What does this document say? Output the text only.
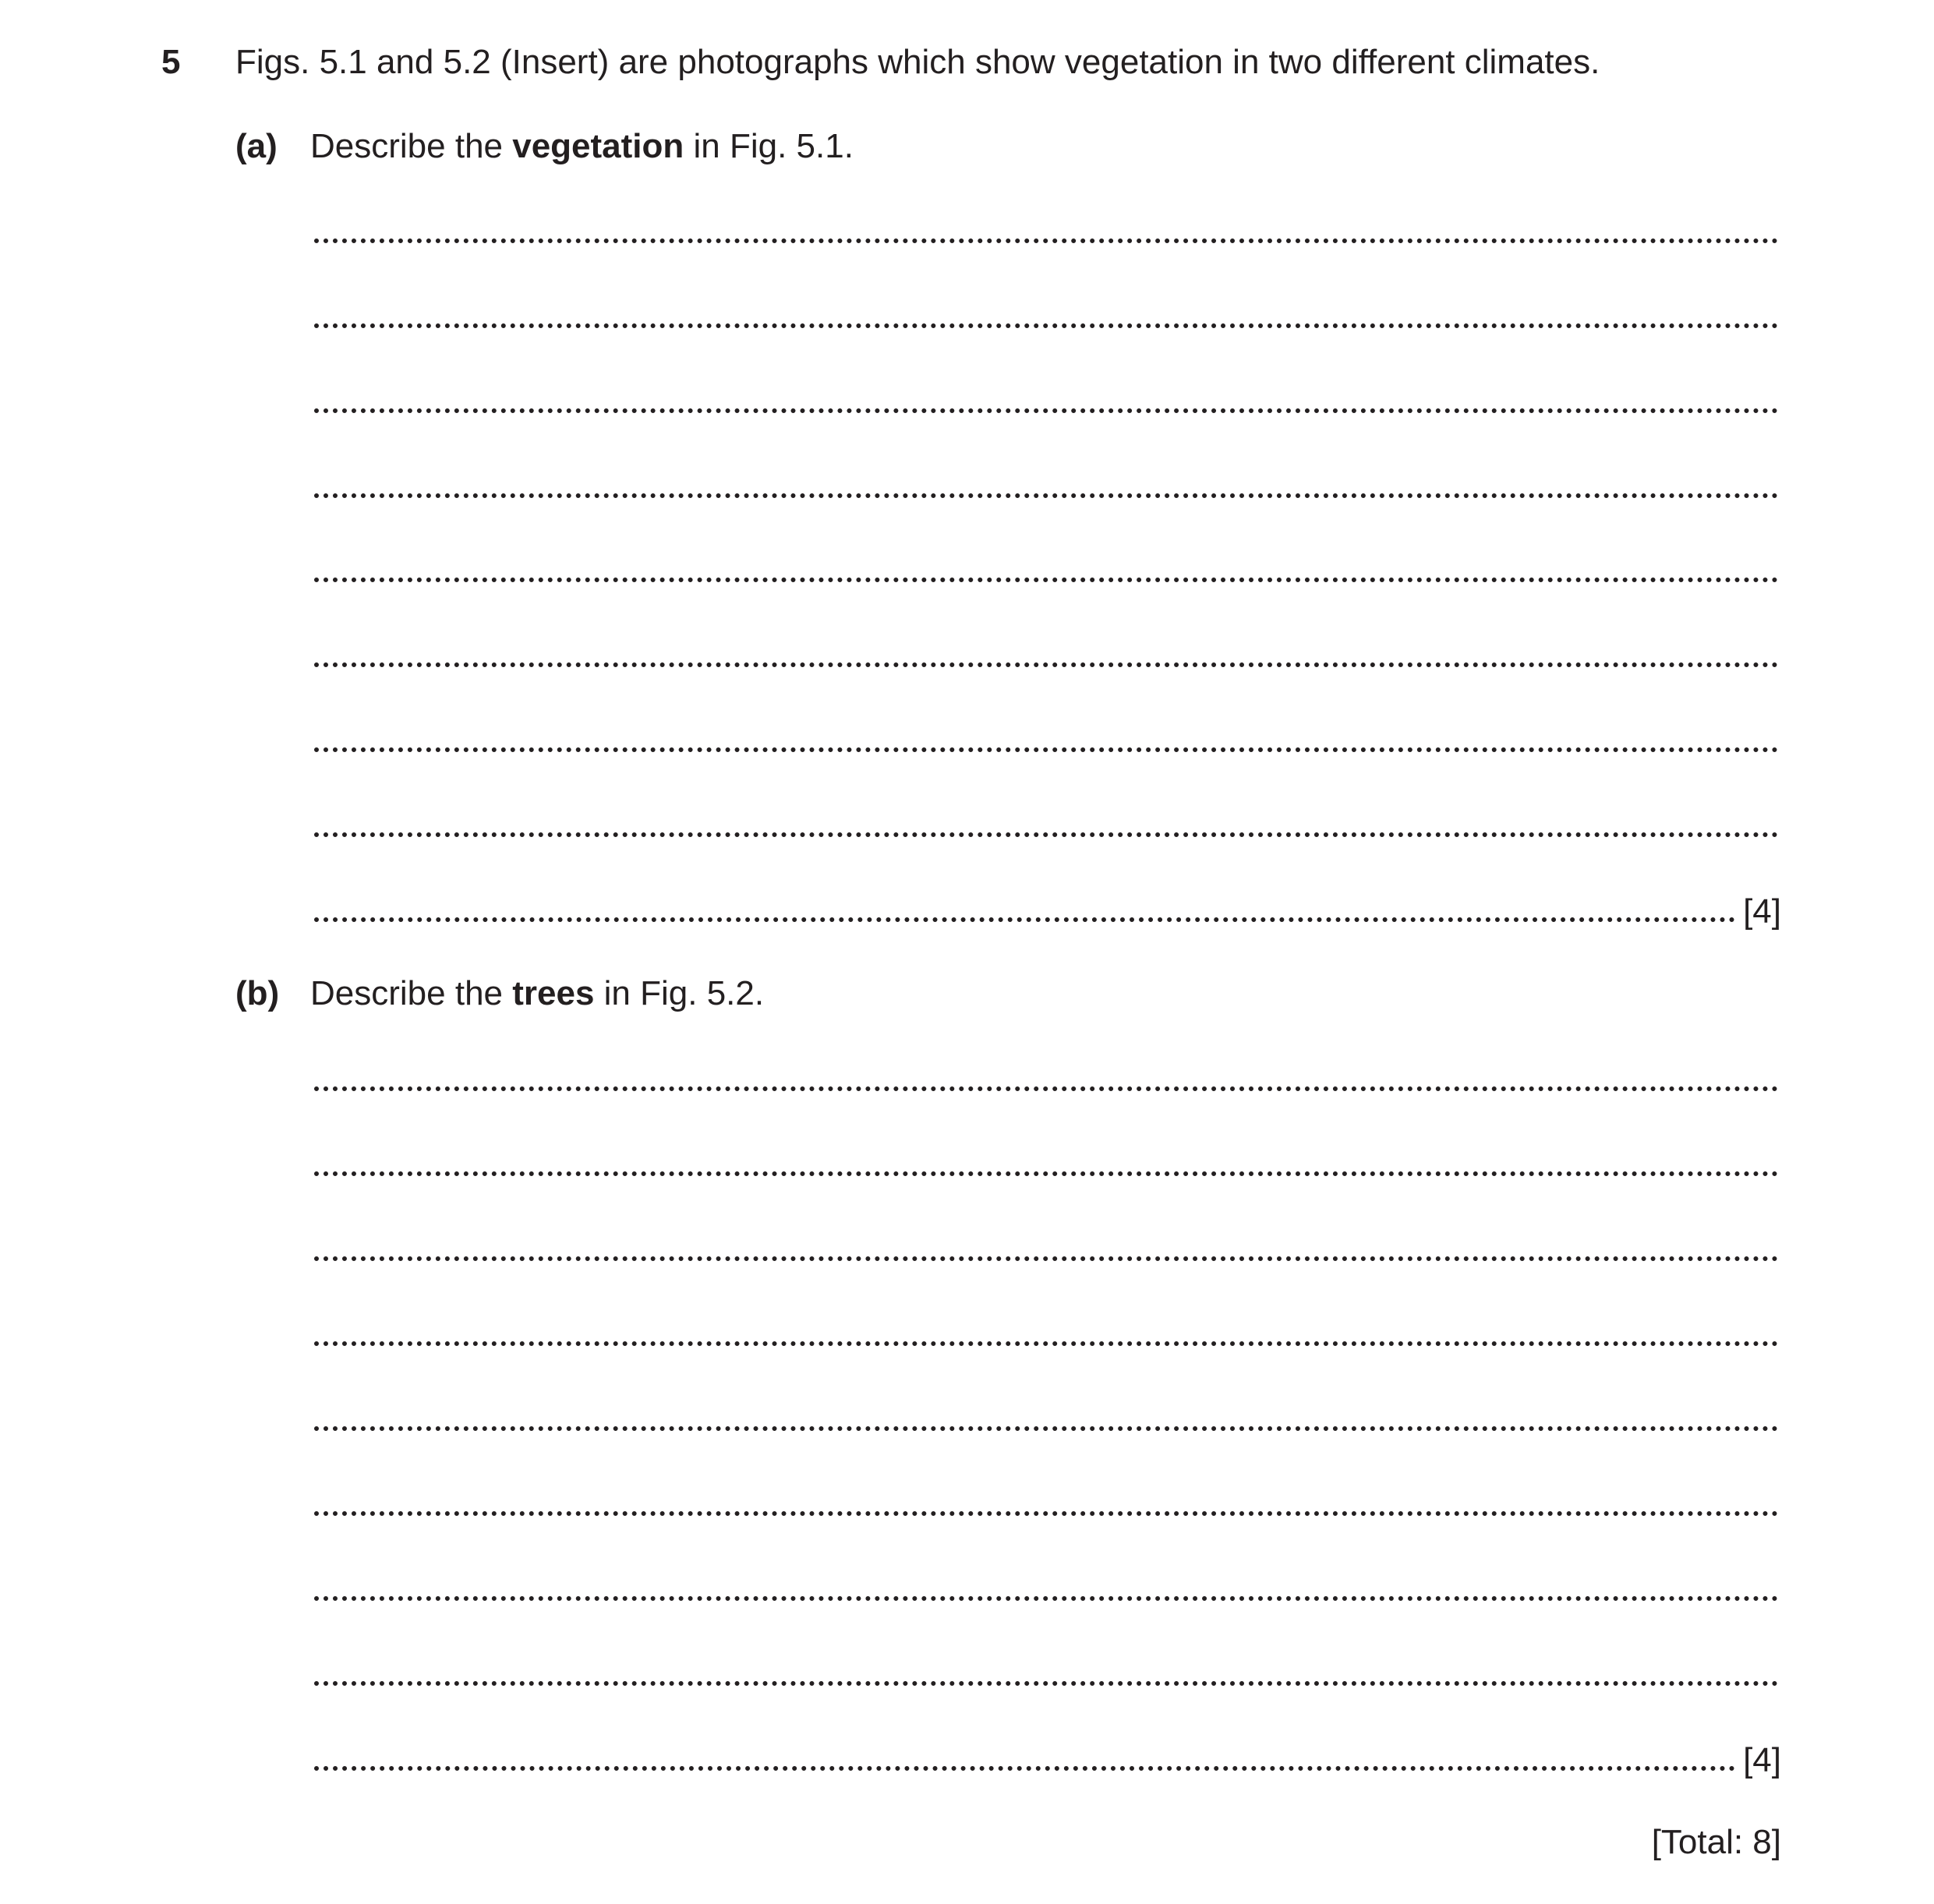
5 Figs. 5.1 and 5.2 (Insert) are photographs which show vegetation in two different climates.
(a) Describe the vegetation in Fig. 5.1.
[4]
(b) Describe the trees in Fig. 5.2.
[4]
[Total: 8]
